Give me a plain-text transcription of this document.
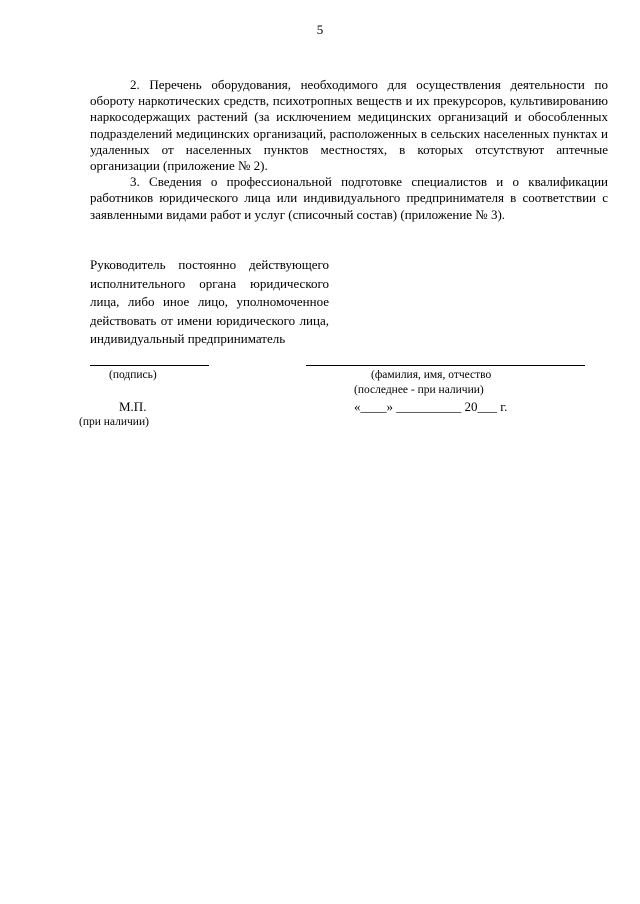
5

2. Перечень оборудования, необходимого для осуществления деятельности по обороту наркотических средств, психотропных веществ и их прекурсоров, культивированию наркосодержащих растений (за исключением медицинских организаций и обособленных подразделений медицинских организаций, расположенных в сельских населенных пунктах и удаленных от населенных пунктов местностях, в которых отсутствуют аптечные организации (приложение № 2).

3. Сведения о профессиональной подготовке специалистов и о квалификации работников юридического лица или индивидуального предпринимателя в соответствии с заявленными видами работ и услуг (списочный состав) (приложение № 3).

Руководитель постоянно действующего исполнительного органа юридического лица, либо иное лицо, уполномоченное действовать от имени юридического лица, индивидуальный предприниматель
(подпись)	(фамилия, имя, отчество
(последнее - при наличии)
М.П.
(при наличии)
«____» __________ 20___ г.
